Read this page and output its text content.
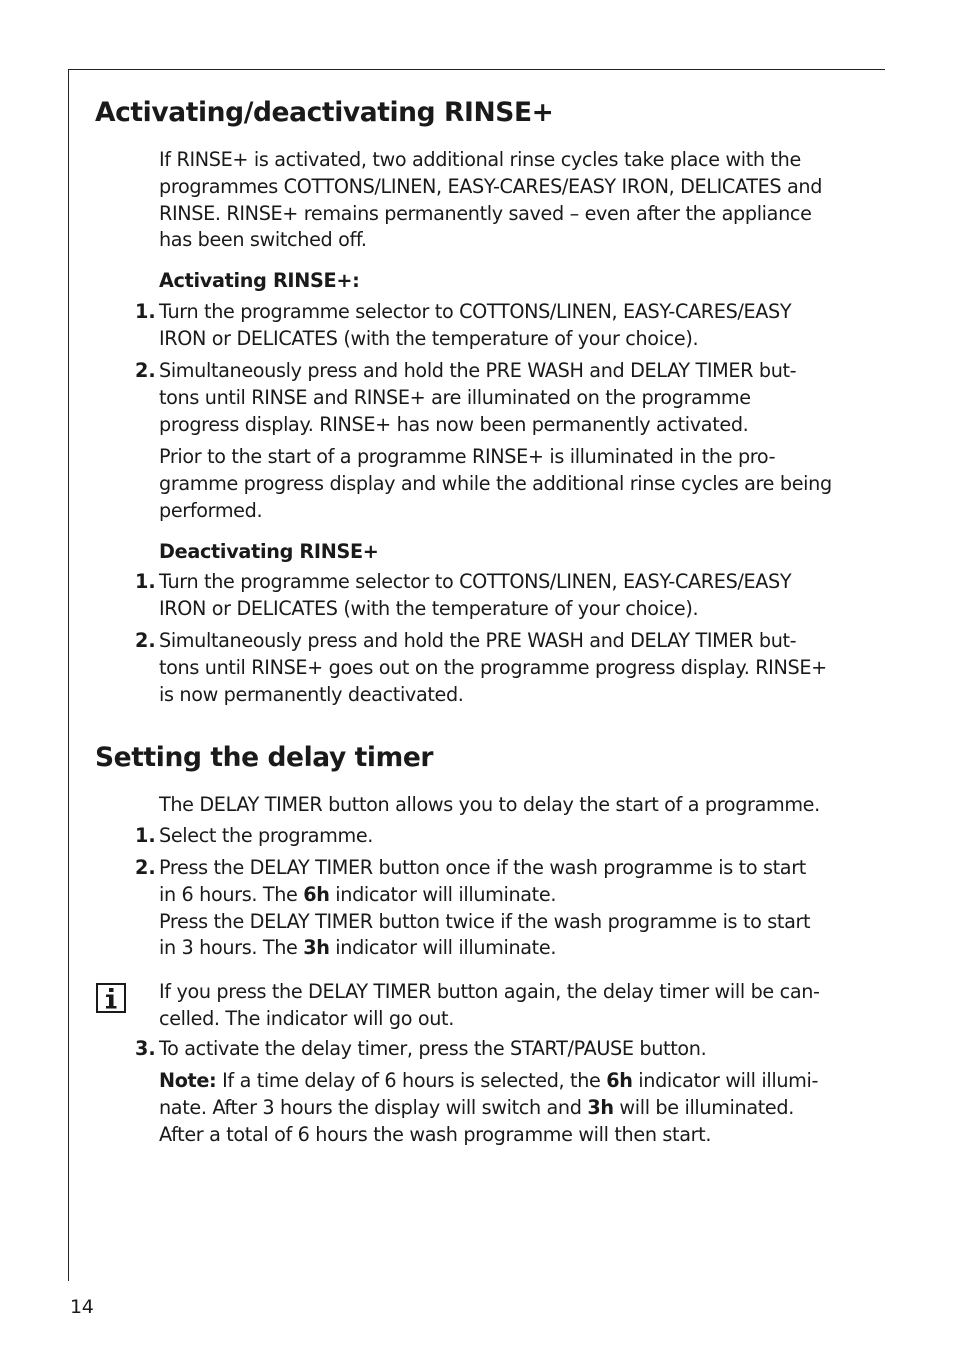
Activating/deactivating RINSE+
If RINSE+ is activated, two additional rinse cycles take place with the
programmes COTTONS/LINEN, EASY-CARES/EASY IRON, DELICATES and
RINSE. RINSE+ remains permanently saved – even after the appliance
has been switched off.
Activating RINSE+:
1. Turn the programme selector to COTTONS/LINEN, EASY-CARES/EASY
IRON or DELICATES (with the temperature of your choice).
2. Simultaneously press and hold the PRE WASH and DELAY TIMER but-
tons until RINSE and RINSE+ are illuminated on the programme
progress display. RINSE+ has now been permanently activated.
Prior to the start of a programme RINSE+ is illuminated in the pro-
gramme progress display and while the additional rinse cycles are being
performed.
Deactivating RINSE+
1. Turn the programme selector to COTTONS/LINEN, EASY-CARES/EASY
IRON or DELICATES (with the temperature of your choice).
2. Simultaneously press and hold the PRE WASH and DELAY TIMER but-
tons until RINSE+ goes out on the programme progress display. RINSE+
is now permanently deactivated.
Setting the delay timer
The DELAY TIMER button allows you to delay the start of a programme.
1. Select the programme.
2. Press the DELAY TIMER button once if the wash programme is to start
in 6 hours. The 6h indicator will illuminate.
Press the DELAY TIMER button twice if the wash programme is to start
in 3 hours. The 3h indicator will illuminate.
If you press the DELAY TIMER button again, the delay timer will be can-
celled. The indicator will go out.
3. To activate the delay timer, press the START/PAUSE button.
Note: If a time delay of 6 hours is selected, the 6h indicator will illumi-
nate. After 3 hours the display will switch and 3h will be illuminated.
After a total of 6 hours the wash programme will then start.
14
